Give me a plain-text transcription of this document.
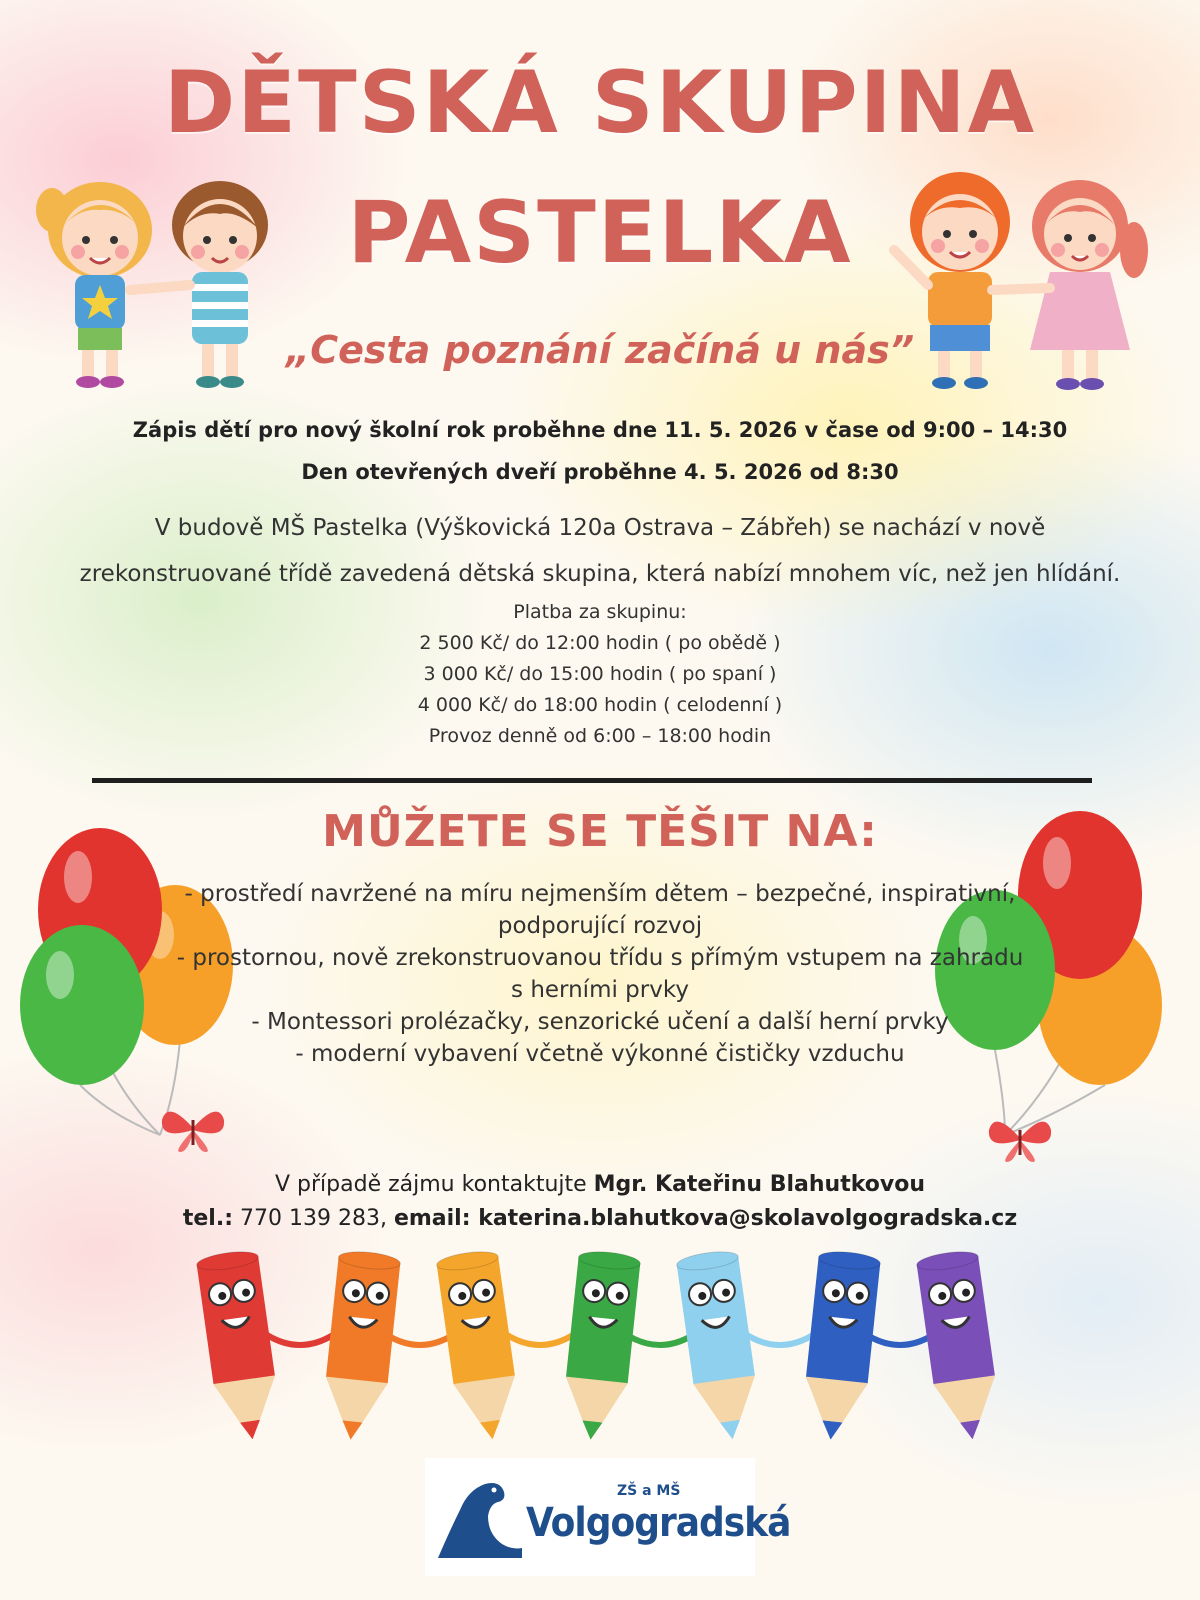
DĚTSKÁ SKUPINA
PASTELKA
„Cesta poznání začíná u nás”
Zápis dětí pro nový školní rok proběhne dne 11. 5. 2026 v čase od 9:00 – 14:30
Den otevřených dveří proběhne 4. 5. 2026 od 8:30
V budově MŠ Pastelka (Výškovická 120a Ostrava – Zábřeh) se nachází v nově
zrekonstruované třídě zavedená dětská skupina, která nabízí mnohem víc, než jen hlídání.
Platba za skupinu:
2 500 Kč/ do 12:00 hodin ( po obědě )
3 000 Kč/ do 15:00 hodin ( po spaní )
4 000 Kč/ do 18:00 hodin ( celodenní )
Provoz denně od 6:00 – 18:00 hodin
MŮŽETE SE TĚŠIT NA:
- prostředí navržené na míru nejmenším dětem – bezpečné, inspirativní,
podporující rozvoj
- prostornou, nově zrekonstruovanou třídu s přímým vstupem na zahradu
s herními prvky
- Montessori prolézačky, senzorické učení a další herní prvky
- moderní vybavení včetně výkonné čističky vzduchu
V případě zájmu kontaktujte Mgr. Kateřinu Blahutkovou
tel.: 770 139 283, email: katerina.blahutkova@skolavolgogradska.cz
ZŠ a MŠ
Volgogradská
